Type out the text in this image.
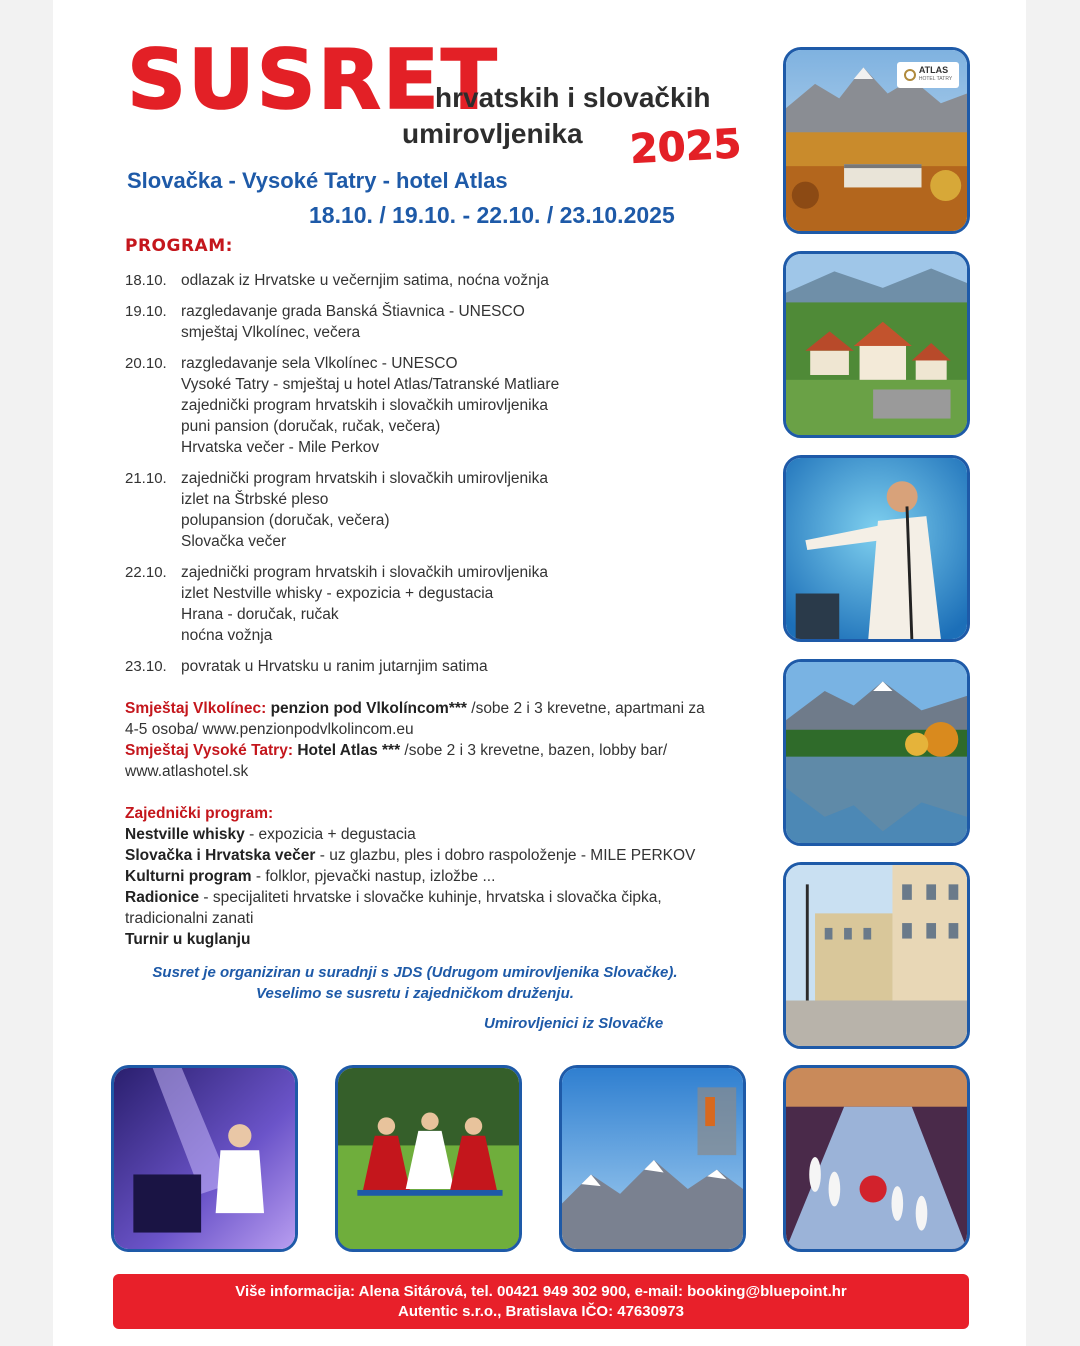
SUSRET
hrvatskih i slovačkih
umirovljenika 2025
Slovačka - Vysoké Tatry - hotel Atlas
18.10. / 19.10. - 22.10. / 23.10.2025
PROGRAM:
18.10. odlazak iz Hrvatske u večernjim satima, noćna vožnja
19.10. razgledavanje grada Banská Štiavnica - UNESCO
smještaj Vlkolínec, večera
20.10. razgledavanje sela Vlkolínec - UNESCO
Vysoké Tatry - smještaj u hotel Atlas/Tatranské Matliare
zajednički program hrvatskih i slovačkih umirovljenika
puni pansion (doručak, ručak, večera)
Hrvatska večer - Mile Perkov
21.10. zajednički program hrvatskih i slovačkih umirovljenika
izlet na Štrbské pleso
polupansion (doručak, večera)
Slovačka večer
22.10. zajednički program hrvatskih i slovačkih umirovljenika
izlet Nestville whisky - expozicia + degustacia
Hrana - doručak, ručak
noćna vožnja
23.10. povratak u Hrvatsku u ranim jutarnjim satima
Smještaj Vlkolínec: penzion pod Vlkolíncom*** /sobe 2 i 3 krevetne, apartmani za 4-5 osoba/ www.penzionpodvlkolincom.eu
Smještaj Vysoké Tatry: Hotel Atlas *** /sobe 2 i 3 krevetne, bazen, lobby bar/ www.atlashotel.sk
Zajednički program:
Nestville whisky - expozicia + degustacia
Slovačka i Hrvatska večer - uz glazbu, ples i dobro raspoloženje - MILE PERKOV
Kulturni program - folklor, pjevački nastup, izložbe ...
Radionice - specijaliteti hrvatske i slovačke kuhinje, hrvatska i slovačka čipka, tradicionalni zanati
Turnir u kuglanju
Susret je organiziran u suradnji s JDS (Udrugom umirovljenika Slovačke).
Veselimo se susretu i zajedničkom druženju.
Umirovljenici iz Slovačke
ATLAS
HOTEL TATRY
Više informacija: Alena Sitárová, tel. 00421 949 302 900, e-mail: booking@bluepoint.hr
Autentic s.r.o., Bratislava IČO: 47630973
